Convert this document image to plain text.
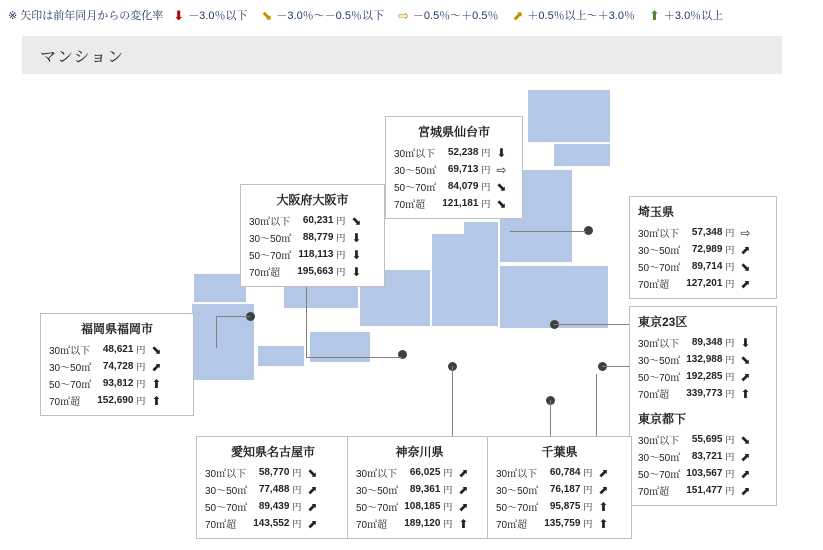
※ 矢印は前年同月からの変化率 ⬇ －3.0％以下 ⬊ －3.0％～－0.5％以下 ⇨ －0.5％～＋0.5％ ⬈ ＋0.5％以上～＋3.0％ ⬆ ＋3.0％以上
マンション
宮城県仙台市
30㎡以下	52,238	円	⬇
30～50㎡	69,713	円	⇨
50～70㎡	84,079	円	⬊
70㎡超	121,181	円	⬊
大阪府大阪市
30㎡以下	60,231	円	⬊
30～50㎡	88,779	円	⬇
50～70㎡	118,113	円	⬇
70㎡超	195,663	円	⬇
埼玉県
30㎡以下	57,348	円	⇨
30～50㎡	72,989	円	⬈
50～70㎡	89,714	円	⬊
70㎡超	127,201	円	⬈
福岡県福岡市
30㎡以下	48,621	円	⬊
30～50㎡	74,728	円	⬈
50～70㎡	93,812	円	⬆
70㎡超	152,690	円	⬆
東京23区
30㎡以下	89,348	円	⬇
30～50㎡	132,988	円	⬊
50～70㎡	192,285	円	⬈
70㎡超	339,773	円	⬆
東京都下
30㎡以下	55,695	円	⬊
30～50㎡	83,721	円	⬈
50～70㎡	103,567	円	⬈
70㎡超	151,477	円	⬈
愛知県名古屋市
30㎡以下	58,770	円	⬊
30～50㎡	77,488	円	⬈
50～70㎡	89,439	円	⬈
70㎡超	143,552	円	⬈
神奈川県
30㎡以下	66,025	円	⬈
30～50㎡	89,361	円	⬈
50～70㎡	108,185	円	⬈
70㎡超	189,120	円	⬆
千葉県
30㎡以下	60,784	円	⬈
30～50㎡	76,187	円	⬈
50～70㎡	95,875	円	⬆
70㎡超	135,759	円	⬆
